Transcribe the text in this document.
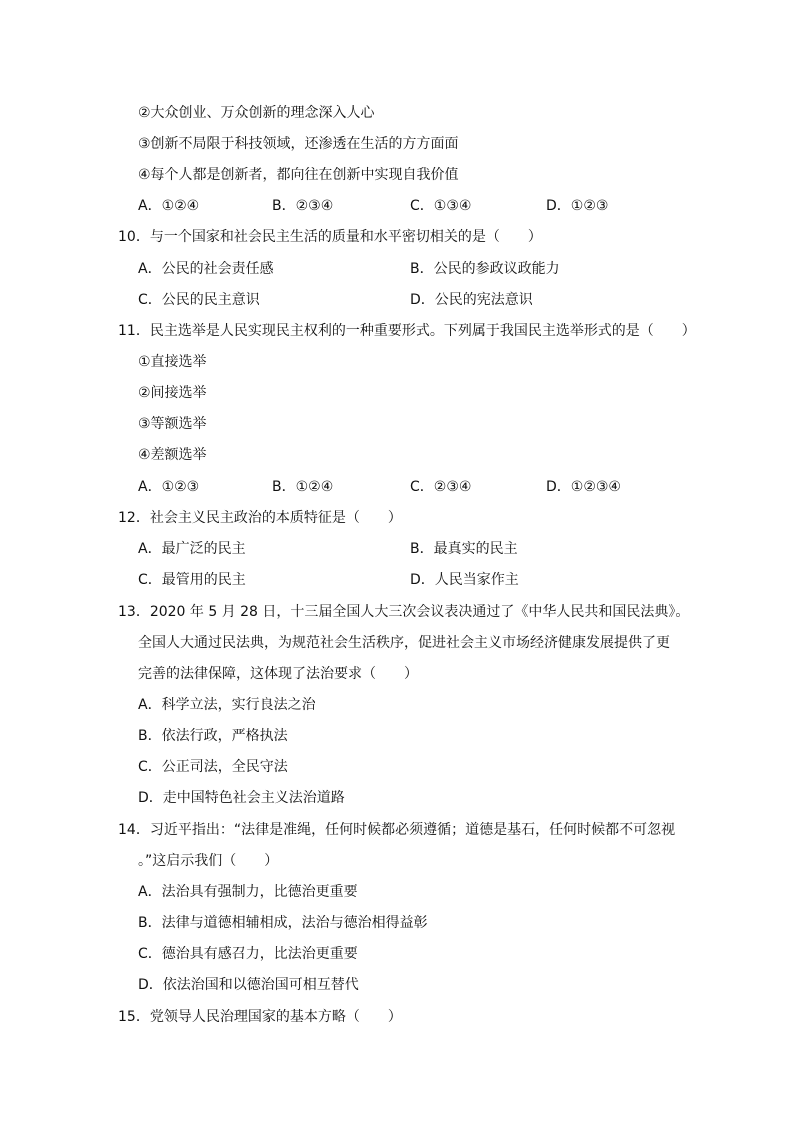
②大众创业、万众创新的理念深入人心
③创新不局限于科技领域，还渗透在生活的方方面面
④每个人都是创新者，都向往在创新中实现自我价值
A．①②④	B．②③④	C．①③④	D．①②③
10．与一个国家和社会民主生活的质量和水平密切相关的是（　　）
A．公民的社会责任感	B．公民的参政议政能力
C．公民的民主意识	D．公民的宪法意识
11．民主选举是人民实现民主权利的一种重要形式。下列属于我国民主选举形式的是（　　）
①直接选举
②间接选举
③等额选举
④差额选举
A．①②③	B．①②④	C．②③④	D．①②③④
12．社会主义民主政治的本质特征是（　　）
A．最广泛的民主	B．最真实的民主
C．最管用的民主	D．人民当家作主
13．2020 年 5 月 28 日，十三届全国人大三次会议表决通过了《中华人民共和国民法典》。
全国人大通过民法典，为规范社会生活秩序，促进社会主义市场经济健康发展提供了更
完善的法律保障，这体现了法治要求（　　）
A．科学立法，实行良法之治
B．依法行政，严格执法
C．公正司法，全民守法
D．走中国特色社会主义法治道路
14．习近平指出：“法律是准绳，任何时候都必须遵循；道德是基石，任何时候都不可忽视
。”这启示我们（　　）
A．法治具有强制力，比德治更重要
B．法律与道德相辅相成，法治与德治相得益彰
C．德治具有感召力，比法治更重要
D．依法治国和以德治国可相互替代
15．党领导人民治理国家的基本方略（　　）
